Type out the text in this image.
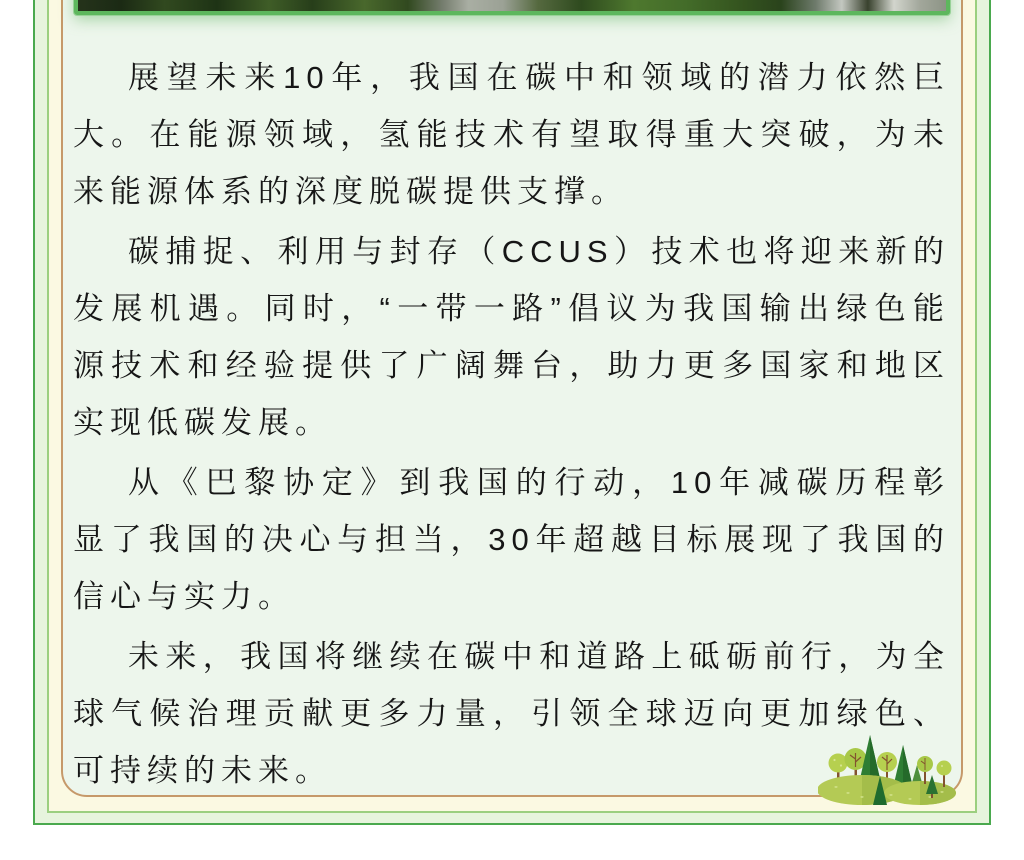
展望未来10年，我国在碳中和领域的潜力依然巨大。在能源领域，氢能技术有望取得重大突破，为未来能源体系的深度脱碳提供支撑。

碳捕捉、利用与封存（CCUS）技术也将迎来新的发展机遇。同时，“一带一路”倡议为我国输出绿色能源技术和经验提供了广阔舞台，助力更多国家和地区实现低碳发展。

从《巴黎协定》到我国的行动，10年减碳历程彰显了我国的决心与担当，30年超越目标展现了我国的信心与实力。

未来，我国将继续在碳中和道路上砥砺前行，为全球气候治理贡献更多力量，引领全球迈向更加绿色、可持续的未来。
